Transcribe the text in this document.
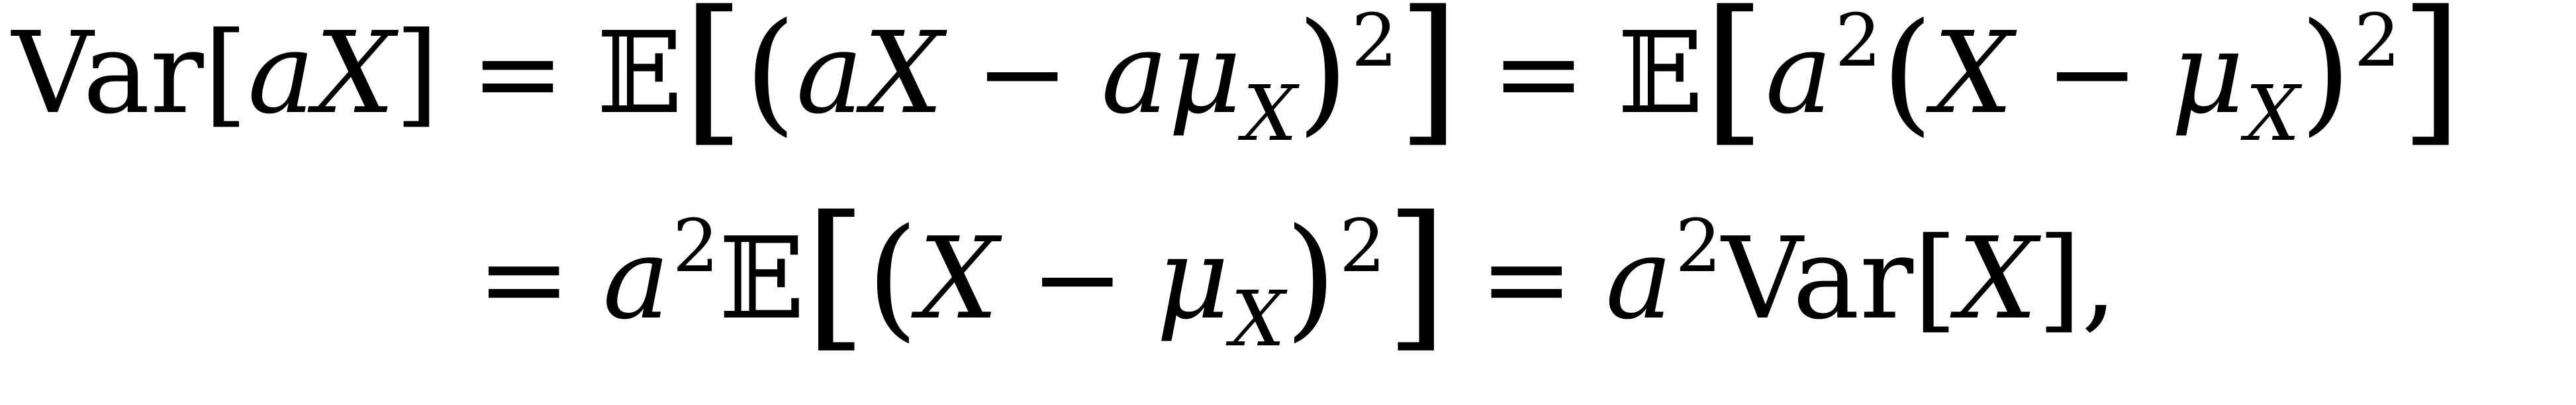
Var[aX] = 𝔼[(aX − $a\mu_X)^2$] = $𝔼[a^2(X - \mu_X)^2]$
= $a^2𝔼[(X - \mu_X)^2] = a^2Var[X]$,
